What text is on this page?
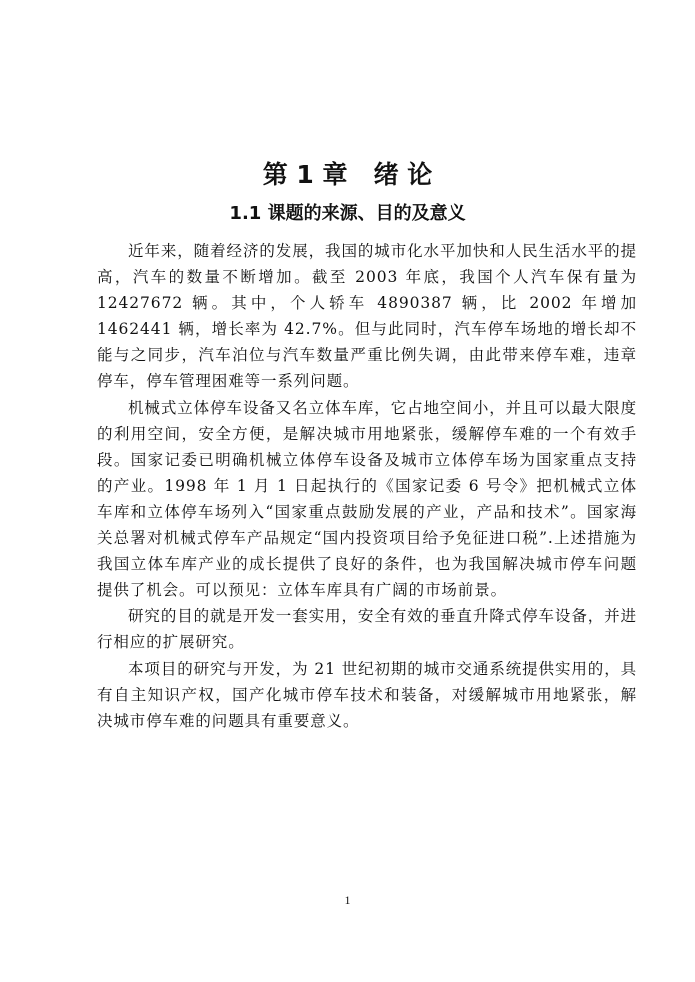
第 1 章   绪 论
1.1 课题的来源、目的及意义

近年来，随着经济的发展，我国的城市化水平加快和人民生活水平的提高，汽车的数量不断增加。截至 2003 年底，我国个人汽车保有量为 12427672 辆。其中，个人轿车 4890387 辆，比 2002 年增加 1462441 辆，增长率为 42.7%。但与此同时，汽车停车场地的增长却不能与之同步，汽车泊位与汽车数量严重比例失调，由此带来停车难，违章停车，停车管理困难等一系列问题。

机械式立体停车设备又名立体车库，它占地空间小，并且可以最大限度的利用空间，安全方便，是解决城市用地紧张，缓解停车难的一个有效手段。国家记委已明确机械立体停车设备及城市立体停车场为国家重点支持的产业。1998 年 1 月 1 日起执行的《国家记委 6 号令》把机械式立体车库和立体停车场列入“国家重点鼓励发展的产业，产品和技术”。国家海关总署对机械式停车产品规定“国内投资项目给予免征进口税”.上述措施为我国立体车库产业的成长提供了良好的条件，也为我国解决城市停车问题提供了机会。可以预见：立体车库具有广阔的市场前景。

研究的目的就是开发一套实用，安全有效的垂直升降式停车设备，并进行相应的扩展研究。

本项目的研究与开发，为 21 世纪初期的城市交通系统提供实用的，具有自主知识产权，国产化城市停车技术和装备，对缓解城市用地紧张，解决城市停车难的问题具有重要意义。

1
